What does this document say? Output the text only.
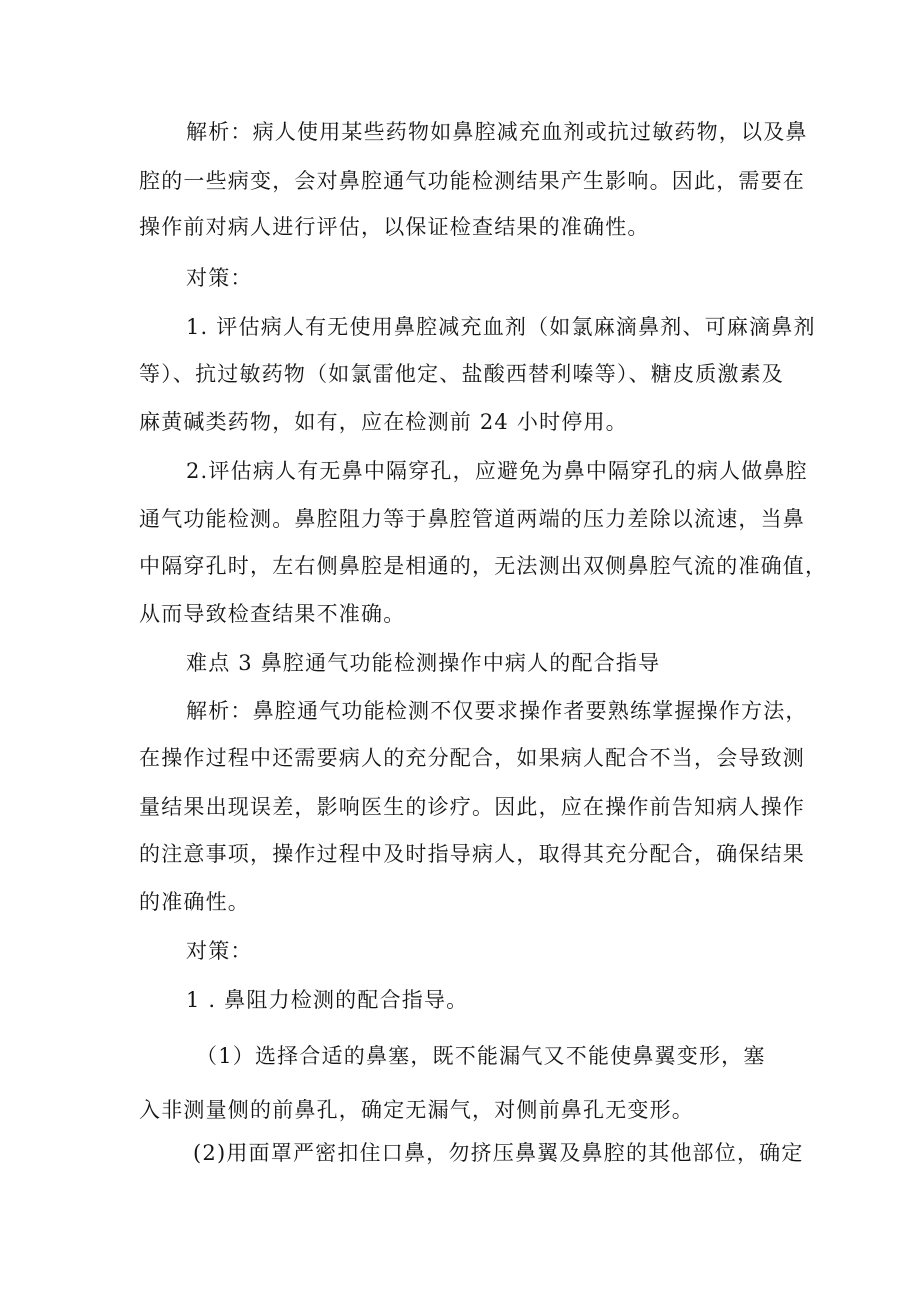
解析：病人使用某些药物如鼻腔减充血剂或抗过敏药物，以及鼻
腔的一些病变，会对鼻腔通气功能检测结果产生影响。因此，需要在
操作前对病人进行评估，以保证检查结果的准确性。
对策：
1. 评估病人有无使用鼻腔减充血剂（如氯麻滴鼻剂、可麻滴鼻剂
等）、抗过敏药物（如氯雷他定、盐酸西替利嗪等）、糖皮质激素及
麻黄碱类药物，如有，应在检测前 24 小时停用。
2.评估病人有无鼻中隔穿孔，应避免为鼻中隔穿孔的病人做鼻腔
通气功能检测。鼻腔阻力等于鼻腔管道两端的压力差除以流速，当鼻
中隔穿孔时，左右侧鼻腔是相通的，无法测出双侧鼻腔气流的准确值，
从而导致检查结果不准确。
难点 3 鼻腔通气功能检测操作中病人的配合指导
解析：鼻腔通气功能检测不仅要求操作者要熟练掌握操作方法，
在操作过程中还需要病人的充分配合，如果病人配合不当，会导致测
量结果出现误差，影响医生的诊疗。因此，应在操作前告知病人操作
的注意事项，操作过程中及时指导病人，取得其充分配合，确保结果
的准确性。
对策：
1 . 鼻阻力检测的配合指导。
（1）选择合适的鼻塞，既不能漏气又不能使鼻翼变形，塞
入非测量侧的前鼻孔，确定无漏气，对侧前鼻孔无变形。
(2)用面罩严密扣住口鼻，勿挤压鼻翼及鼻腔的其他部位，确定
